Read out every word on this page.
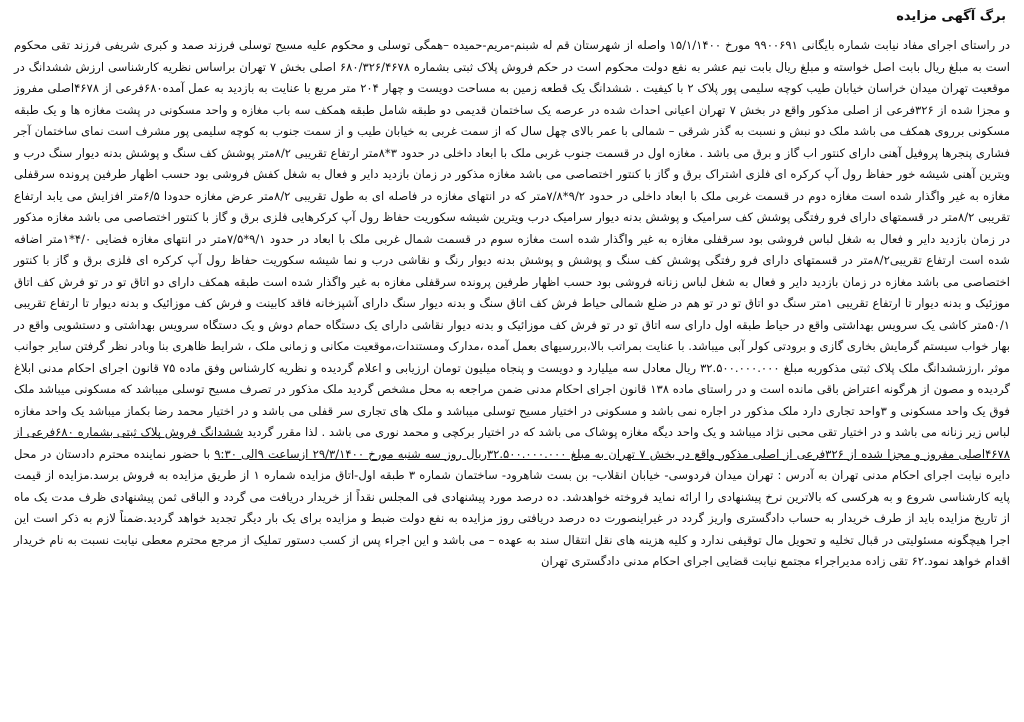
برگ آگهی مزایده

در راستای اجرای مفاد نیابت شماره بایگانی ۹۹۰۰۶۹۱ مورخ ۱۵/۱/۱۴۰۰ واصله از شهرستان قم له شبنم-مریم-حمیده –همگی توسلی و محکوم علیه مسیح توسلی فرزند صمد و کبری شریفی فرزند تقی محکوم است به مبلغ ریال بابت اصل خواسته و مبلغ ریال بابت نیم عشر به نفع دولت محکوم است در حکم فروش پلاک ثبتی بشماره ۶۸۰/۳۲۶/۴۶۷۸ اصلی بخش ۷ تهران براساس نظریه کارشناسی ارزش ششدانگ در موقعیت تهران میدان خراسان خیابان طیب کوچه سلیمی پور پلاک ۲ با کیفیت . ششدانگ یک قطعه زمین به مساحت دویست و چهار ۲۰۴ متر مربع با عنایت به بازدید به عمل آمده۶۸۰فرعی از ۴۶۷۸اصلی مفروز و مجزا شده از ۳۲۶فرعی از اصلی مذکور واقع در بخش ۷ تهران اعیانی احداث شده در عرصه یک ساختمان قدیمی دو طبقه شامل طبقه همکف سه باب مغازه و واحد مسکونی در پشت مغازه ها و یک طبقه مسکونی برروی همکف می باشد ملک دو نبش و نسبت به گذر شرقی – شمالی با عمر بالای چهل سال که از سمت غربی به خیابان طیب و از سمت جنوب به کوچه سلیمی پور مشرف است نمای ساختمان آجر فشاری پنجرها پروفیل آهنی دارای کنتور اب گاز و برق می باشد . مغازه اول در قسمت جنوب غربی ملک با ابعاد داخلی در حدود ۳*۸متر ارتفاع تقریبی ۸/۲متر پوشش کف سنگ و پوشش بدنه دیوار سنگ درب و ویترین آهنی شیشه خور حفاظ رول آپ کرکره ای فلزی اشتراک برق و گاز با کنتور اختصاصی می باشد مغازه مذکور در زمان بازدید دایر و فعال به شغل کفش فروشی بود حسب اظهار طرفین پرونده سرقفلی مغازه به غیر واگذار شده است مغازه دوم در قسمت غربی ملک با ابعاد داخلی در حدود ۹/۲*۷/۸متر که در انتهای مغازه در فاصله ای به طول تقریبی ۸/۲متر عرض مغازه حدودا ۶/۵متر افزایش می یابد ارتفاع تقریبی ۸/۲متر در قسمتهای دارای فرو رفتگی پوشش کف سرامیک و پوشش بدنه دیوار سرامیک درب ویترین شیشه سکوریت حفاظ رول آپ کرکرهایی فلزی برق و گاز با کنتور اختصاصی می باشد مغازه مذکور در زمان بازدید دایر و فعال به شغل لباس فروشی بود سرقفلی مغازه به غیر واگذار شده است مغازه سوم در قسمت شمال غربی ملک با ابعاد در حدود ۹/۱*۷/۵متر در انتهای مغازه فضایی ۴/۰*۱متر اضافه شده است ارتفاع تقریبی۸/۲متر در قسمتهای دارای فرو رفتگی پوشش کف سنگ و پوشش و پوشش بدنه دیوار رنگ و نقاشی درب و نما شیشه سکوریت حفاظ رول آپ کرکره ای فلزی برق و گاز با کنتور اختصاصی می باشد مغازه در زمان بازدید دایر و فعال به شغل لباس زنانه فروشی بود حسب اظهار طرفین پرونده سرقفلی مغازه به غیر واگذار شده است طبقه همکف دارای دو اتاق تو در تو فرش کف اتاق موزئیک و بدنه دیوار تا ارتفاع تقریبی ۱متر سنگ دو اتاق تو در تو هم در ضلع شمالی حیاط فرش کف اتاق سنگ و بدنه دیوار سنگ دارای آشپزخانه فاقد کابینت و فرش کف موزائیک و بدنه دیوار تا ارتفاع تقریبی ۵۰/۱متر کاشی یک سرویس بهداشتی واقع در حیاط طبقه اول دارای سه اتاق تو در تو فرش کف موزائیک و بدنه دیوار نقاشی دارای یک دستگاه حمام دوش و یک دستگاه سرویس بهداشتی و دستشویی واقع در بهار خواب سیستم گرمایش بخاری گازی و برودتی کولر آبی میباشد. با عنایت بمراتب بالا،بررسیهای بعمل آمده ،مدارک ومستندات،موقعیت مکانی و زمانی ملک ، شرایط ظاهری بنا وبادر نظر گرفتن سایر جوانب موثر ،ارزششدانگ ملک پلاک ثبتی مذکوربه مبلغ ۳۲.۵۰۰.۰۰۰.۰۰۰ ریال معادل سه میلیارد و دویست و پنجاه میلیون تومان ارزیابی و اعلام گردیده و نظریه کارشناس وفق ماده ۷۵ قانون اجرای احکام مدنی ابلاغ گردیده و مصون از هرگونه اعتراض باقی مانده است و در راستای ماده ۱۳۸ قانون اجرای احکام مدنی ضمن مراجعه به محل مشخص گردید ملک مذکور در تصرف مسیح توسلی میباشد که مسکونی میباشد ملک فوق یک واحد مسکونی و ۳واحد تجاری دارد ملک مذکور در اجاره نمی باشد و مسکونی در اختیار مسیح توسلی میباشد و ملک های تجاری سر قفلی می باشد و در اختیار محمد رضا بکماز میباشد یک واحد مغازه لباس زیر زنانه می باشد و در اختیار تقی محبی نژاد میباشد و یک واحد دیگه مغازه پوشاک می باشد که در اختیار برکچی و محمد نوری می باشد . لذا مقرر گردید ششدانگ فروش پلاک ثبتی بشماره ۶۸۰فرعی از ۴۶۷۸اصلی مفروز و مجزا شده از ۳۲۶فرعی از اصلی مذکور واقع در بخش ۷ تهران به مبلغ ۳۲.۵۰۰.۰۰۰.۰۰۰ریال روز سه شنبه مورخ ۲۹/۳/۱۴۰۰ ازساعت ۹الی ۹:۳۰ با حضور نماینده محترم دادستان در محل دایره نیابت اجرای احکام مدنی تهران به آدرس : تهران میدان فردوسی- خیابان انقلاب- بن بست شاهرود- ساختمان شماره ۳ طبقه اول-اتاق مزایده شماره ۱ از طریق مزایده به فروش برسد.مزایده از قیمت پایه کارشناسی شروع و به هرکسی که بالاترین نرخ پیشنهادی را ارائه نماید فروخته خواهدشد. ده درصد مورد پیشنهادی فی المجلس نقداً از خریدار دریافت می گردد و الباقی ثمن پیشنهادی ظرف مدت یک ماه از تاریخ مزایده باید از طرف خریدار به حساب دادگستری واریز گردد در غیراینصورت ده درصد دریافتی روز مزایده به نفع دولت ضبط و مزایده برای یک بار دیگر تجدید خواهد گردید.ضمناً لازم به ذکر است این اجرا هیچگونه مسئولیتی در قبال تخلیه و تحویل مال توقیفی ندارد و کلیه هزینه های نقل انتقال سند به عهده – می باشد و این اجراء پس از کسب دستور تملیک از مرجع محترم معطی نیابت نسبت به نام خریدار اقدام خواهد نمود.۶۲ تقی زاده مدیراجراء مجتمع نیابت قضایی اجرای احکام مدنی دادگستری تهران
